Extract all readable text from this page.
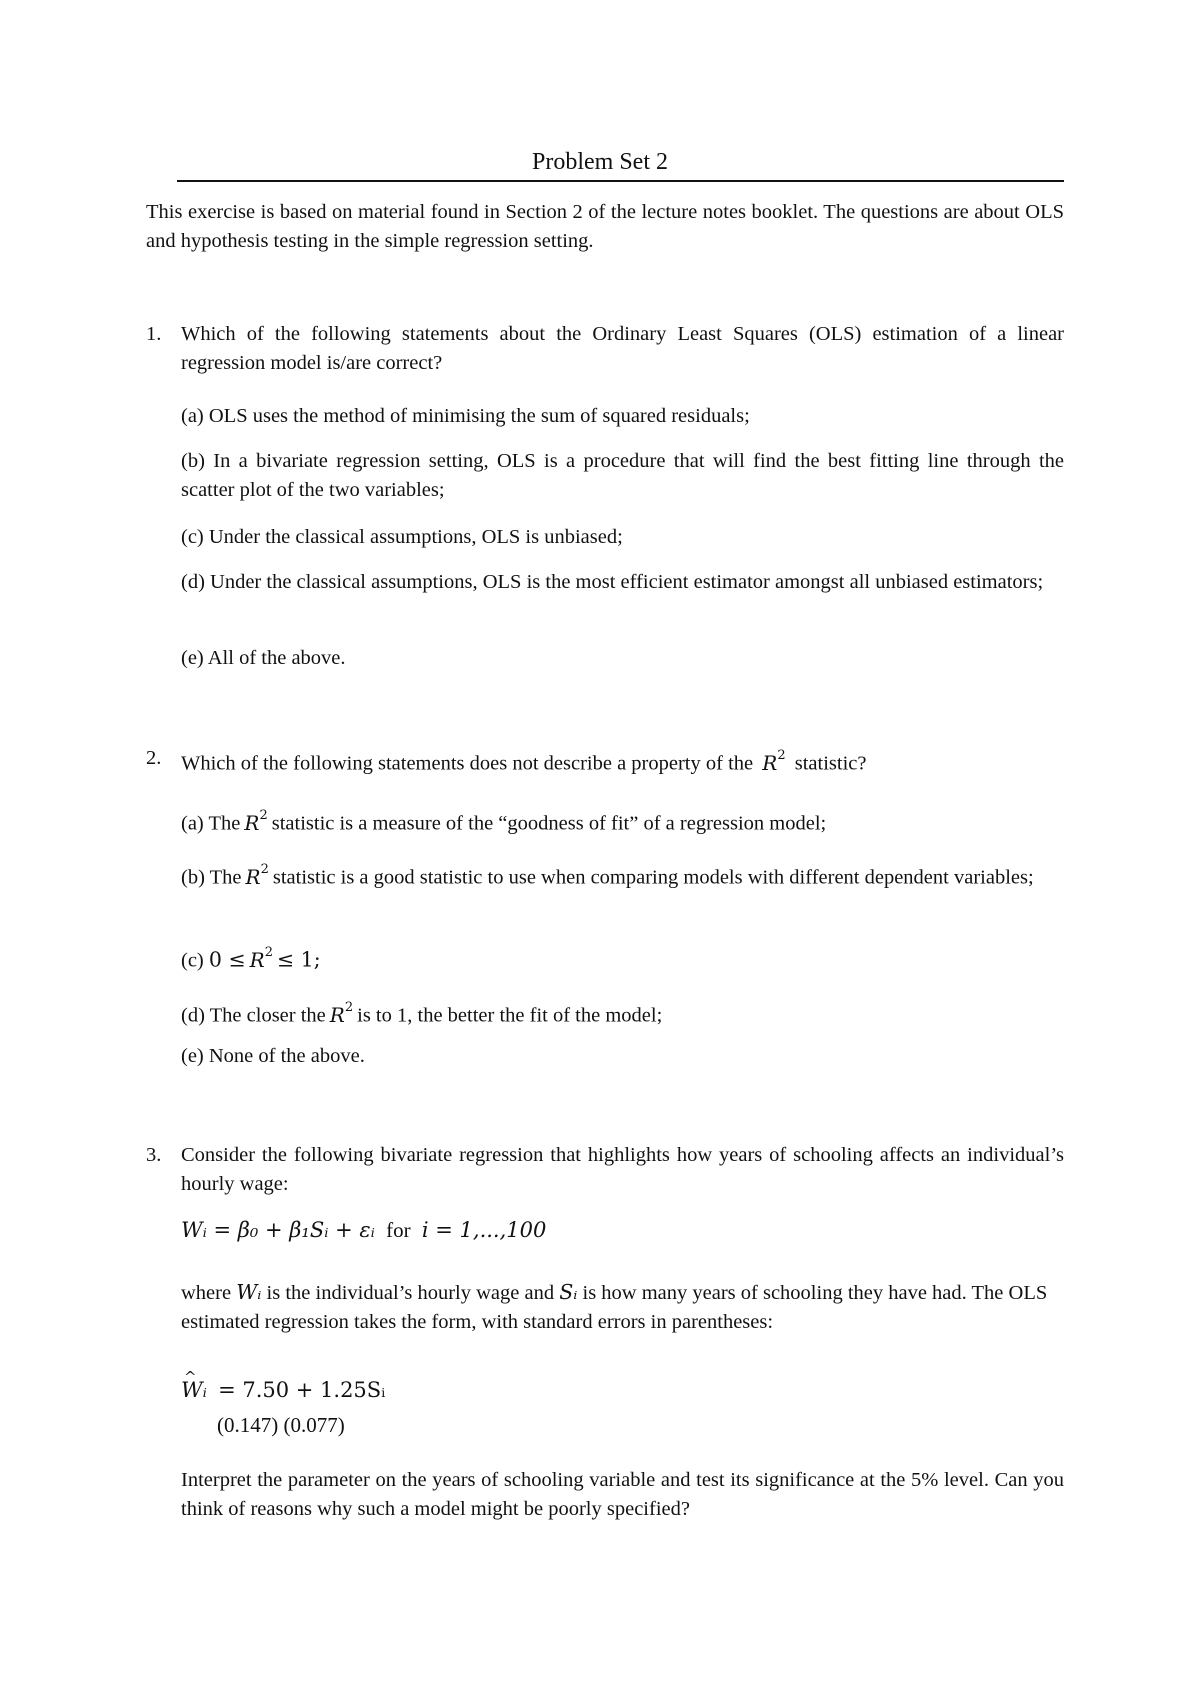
Problem Set 2
This exercise is based on material found in Section 2 of the lecture notes booklet. The questions are about OLS and hypothesis testing in the simple regression setting.
1. Which of the following statements about the Ordinary Least Squares (OLS) estimation of a linear regression model is/are correct?
(a) OLS uses the method of minimising the sum of squared residuals;
(b) In a bivariate regression setting, OLS is a procedure that will find the best fitting line through the scatter plot of the two variables;
(c) Under the classical assumptions, OLS is unbiased;
(d) Under the classical assumptions, OLS is the most efficient estimator amongst all unbiased estimators;
(e) All of the above.
2. Which of the following statements does not describe a property of the $R^2$ statistic?
(a) The $R^2$ statistic is a measure of the “goodness of fit” of a regression model;
(b) The $R^2$ statistic is a good statistic to use when comparing models with different dependent variables;
(c) $0 \le R^2 \le 1$;
(d) The closer the $R^2$ is to 1, the better the fit of the model;
(e) None of the above.
3. Consider the following bivariate regression that highlights how years of schooling affects an individual’s hourly wage:
Wᵢ = β₀ + β₁Sᵢ + εᵢ for i = 1,...,100
where Wᵢ is the individual’s hourly wage and Sᵢ is how many years of schooling they have had. The OLS estimated regression takes the form, with standard errors in parentheses:
^ Wᵢ = 7.50 + 1.25Sᵢ
(0.147) (0.077)
Interpret the parameter on the years of schooling variable and test its significance at the 5% level. Can you think of reasons why such a model might be poorly specified?
